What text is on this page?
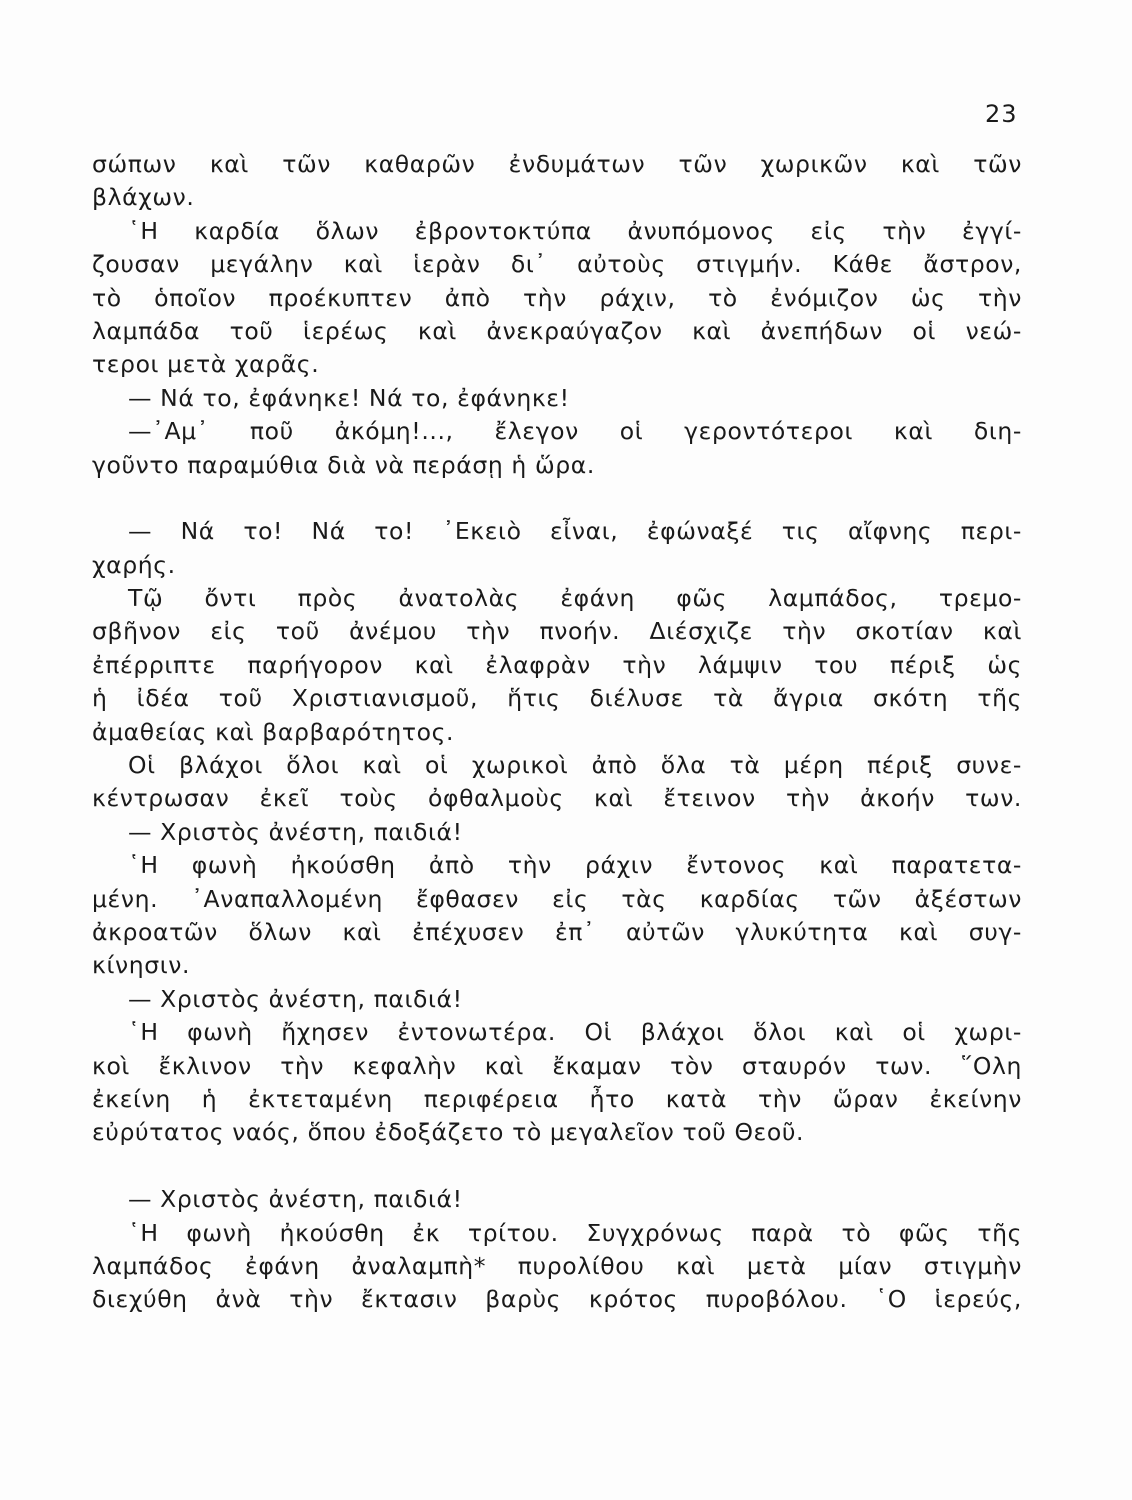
23
σώπων καὶ τῶν καθαρῶν ἐνδυμάτων τῶν χωρικῶν καὶ τῶν
βλάχων.
῾Η καρδία ὅλων ἐβροντοκτύπα ἀνυπόμονος εἰς τὴν ἐγγί-
ζουσαν μεγάλην καὶ ἱερὰν δι᾽ αὐτοὺς στιγμήν. Κάθε ἄστρον,
τὸ ὁποῖον προέκυπτεν ἀπὸ τὴν ράχιν, τὸ ἐνόμιζον ὡς τὴν
λαμπάδα τοῦ ἱερέως καὶ ἀνεκραύγαζον καὶ ἀνεπήδων οἱ νεώ-
τεροι μετὰ χαρᾶς.
— Νά το, ἐφάνηκε! Νά το, ἐφάνηκε!
—᾽Αμ᾽ ποῦ ἀκόμη!..., ἔλεγον οἱ γεροντότεροι καὶ διη-
γοῦντο παραμύθια διὰ νὰ περάσῃ ἡ ὥρα.
— Νά το! Νά το! ᾽Εκειὸ εἶναι, ἐφώναξέ τις αἴφνης περι-
χαρής.
Τῷ ὄντι πρὸς ἀνατολὰς ἐφάνη φῶς λαμπάδος, τρεμο-
σβῆνον εἰς τοῦ ἀνέμου τὴν πνοήν. Διέσχιζε τὴν σκοτίαν καὶ
ἐπέρριπτε παρήγορον καὶ ἐλαφρὰν τὴν λάμψιν του πέριξ ὡς
ἡ ἰδέα τοῦ Χριστιανισμοῦ, ἥτις διέλυσε τὰ ἄγρια σκότη τῆς
ἀμαθείας καὶ βαρβαρότητος.
Οἱ βλάχοι ὅλοι καὶ οἱ χωρικοὶ ἀπὸ ὅλα τὰ μέρη πέριξ συνε-
κέντρωσαν ἐκεῖ τοὺς ὀφθαλμοὺς καὶ ἔτεινον τὴν ἀκοήν των.
— Χριστὸς ἀνέστη, παιδιά!
῾Η φωνὴ ἠκούσθη ἀπὸ τὴν ράχιν ἔντονος καὶ παρατετα-
μένη. ᾽Αναπαλλομένη ἔφθασεν εἰς τὰς καρδίας τῶν ἀξέστων
ἀκροατῶν ὅλων καὶ ἐπέχυσεν ἐπ᾽ αὐτῶν γλυκύτητα καὶ συγ-
κίνησιν.
— Χριστὸς ἀνέστη, παιδιά!
῾Η φωνὴ ἤχησεν ἐντονωτέρα. Οἱ βλάχοι ὅλοι καὶ οἱ χωρι-
κοὶ ἔκλινον τὴν κεφαλὴν καὶ ἔκαμαν τὸν σταυρόν των. ῞Ολη
ἐκείνη ἡ ἐκτεταμένη περιφέρεια ἦτο κατὰ τὴν ὥραν ἐκείνην
εὐρύτατος ναός, ὅπου ἐδοξάζετο τὸ μεγαλεῖον τοῦ Θεοῦ.
— Χριστὸς ἀνέστη, παιδιά!
῾Η φωνὴ ἠκούσθη ἐκ τρίτου. Συγχρόνως παρὰ τὸ φῶς τῆς
λαμπάδος ἐφάνη ἀναλαμπὴ* πυρολίθου καὶ μετὰ μίαν στιγμὴν
διεχύθη ἀνὰ τὴν ἔκτασιν βαρὺς κρότος πυροβόλου. ῾Ο ἱερεύς,
